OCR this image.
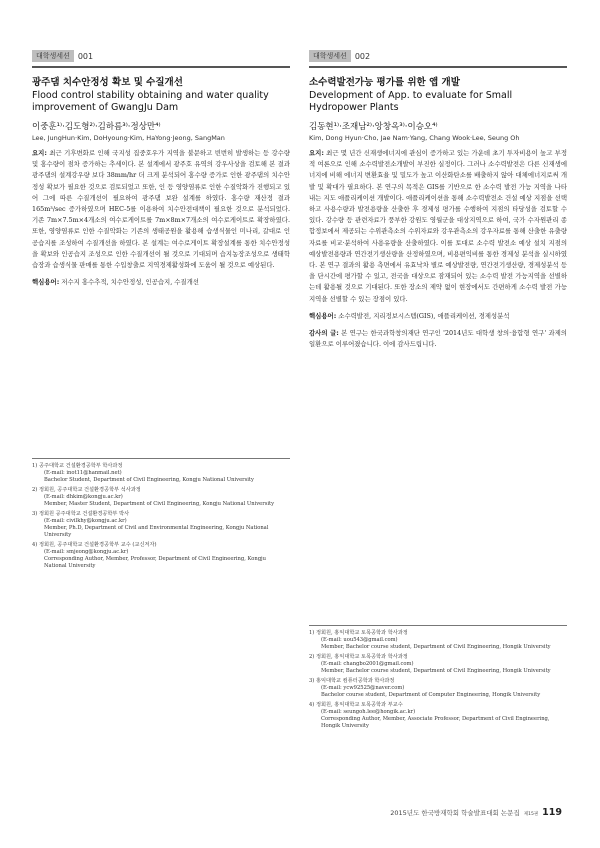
대학생세션	001

광주댐 치수안정성 확보 및 수질개선

Flood control stability obtaining and water quality improvement of GwangJu Dam

이중훈¹⁾·김도형²⁾·김하름³⁾·정상만⁴⁾

Lee, JungHun·Kim, DoHyoung·Kim, HaYong·Jeong, SangMan

요지: 최근 기후변화로 인해 국지성 집중호우가 지역을 불문하고 빈번히 발생하는 등 강수량 및 홍수량이 점차 증가하는 추세이다. 본 설계에서 광주호 유역의 강우사상을 검토해 본 결과 광주댐의 설계강우량 보다 38mm/hr 더 크게 분석되어 홍수량 증가로 인한 광주댐의 치수안정성 확보가 필요한 것으로 검토되었고 또한, 인 등 영양염류로 인한 수질악화가 진행되고 있어 그에 따른 수질개선이 필요하여 광주댐 보완 설계를 하였다. 홍수량 재산정 결과 165m³/sec 증가하였으며 HEC-5를 이용하여 치수안전대책이 필요한 것으로 분석되었다. 기존 7m×7.5m×4개소의 여수로게이트를 7m×8m×7개소의 여수로게이트로 확장하였다. 또한, 영양염류로 인한 수질악화는 기존의 생태공원을 활용해 습생식물인 미나리, 갈대로 인공습지를 조성하여 수질개선을 하였다. 본 설계는 여수로게이트 확장설계를 통한 치수안정성을 확보와 인공습지 조성으로 인한 수질개선이 될 것으로 기대되며 습지농장조성으로 생태학습장과 습생식물 판매를 통한 수입창출로 지역경제활성화에 도움이 될 것으로 예상된다.

핵심용어: 저수지 홍수추적, 치수안정성, 인공습지, 수질개선

1) 공주대학교 건설환경공학부 학사과정
(E-mail: inot11@hanmail.net)
Bachelor Student, Department of Civil Engineering, Kongju National University
2) 정회원, 공주대학교 건설환경공학부 석사과정
(E-mail: dhkim@kongju.ac.kr)
Member, Master Student, Department of Civil Engineering, Kongju National University
3) 정회원 공주대학교 건설환경공학부 박사
(E-mail: civilkhy@kongju.ac.kr)
Member, Ph.D, Department of Civil and Environmental Engineering, Kongju National University
4) 정회원, 공주대학교 건설환경공학부 교수 (교신저자)
(E-mail: smjeong@kongju.ac.kr)
Corresponding Author, Member, Professor, Department of Civil Engineering, Kongju National University
대학생세션	002

소수력발전가능 평가를 위한 앱 개발

Development of App. to evaluate for Small Hydropower Plants

김동현¹⁾·조재남²⁾·앙창옥³⁾·이승오⁴⁾

Kim, Dong Hyun·Cho, Jae Nam·Yang, Chang Wook·Lee, Seung Oh

요지: 최근 몇 년간 신재생에너지에 관심이 증가하고 있는 가운데 초기 투자비용이 높고 부정적 여론으로 인해 소수력발전소개발이 부진한 실정이다. 그러나 소수력발전은 다른 신재생에너지에 비해 에너지 변환효율 및 밀도가 높고 이산화탄소를 배출하지 않아 대체에너지로써 개발 및 확대가 필요하다. 본 연구의 목적은 GIS를 기반으로 한 소수력 발전 가능 지역을 나타내는 지도 애플리케이션 개발이다. 애플리케이션을 통해 소수력발전소 건설 예상 지점을 선택하고 사용수량과 발전용량을 산출한 후 경제성 평가를 수행하여 지점의 타당성을 검토할 수 있다. 강수량 등 관련자료가 풍부한 강원도 영월군을 대상지역으로 하여, 국가 수자원관리 종합정보에서 제공되는 수위관측소의 수위자료와 강우관측소의 강우자료를 통해 산출한 유출량자료를 비교·분석하여 사용유량을 산출하였다. 이를 토대로 소수력 발전소 예상 설치 지점의 예상발전용량과 연간전기생산량을 산정하였으며, 비용편익비를 통한 경제성 분석을 실시하였다. 본 연구 결과의 활용 측면에서 유효낙차 별로 예상발전량, 연간전기생산량, 경제성분석 등을 단시간에 평가할 수 있고, 전국을 대상으로 잠재되어 있는 소수력 발전 가능지역을 선별하는데 활용될 것으로 기대된다. 또한 장소의 제약 없이 현장에서도 간편하게 소수력 발전 가능지역을 선별할 수 있는 장점이 있다.

핵심용어: 소수력발전, 지리정보시스템(GIS), 애플리케이션, 경제성분석

감사의 글: 본 연구는 한국과학창의재단 연구인 '2014년도 대학생 창의·융합형 연구' 과제의 일환으로 이루어졌습니다. 이에 감사드립니다.

1) 정회원, 홍익대학교 토목공학과 학사과정
(E-mail: uou543@gmail.com)
Member, Bachelor course student, Department of Civil Engineering, Hongik University
2) 정회원, 홍익대학교 토목공학과 학사과정
(E-mail: changbo2001@gmail.com)
Member, Bachelor course student, Department of Civil Engineering, Hongik University
3) 홍익대학교 컴퓨터공학과 학사과정
(E-mail: ycw92525@naver.com)
Bachelor course student, Department of Computer Engineering, Hongik University
4) 정회원, 홍익대학교 토목공학과 부교수
(E-mail: seungoh.lee@hongik.ac.kr)
Corresponding Author, Member, Associate Professor, Department of Civil Engineering, Hongik University
2015년도 한국방재학회 학술발표대회 논문집 $_{제15권}$ 119
